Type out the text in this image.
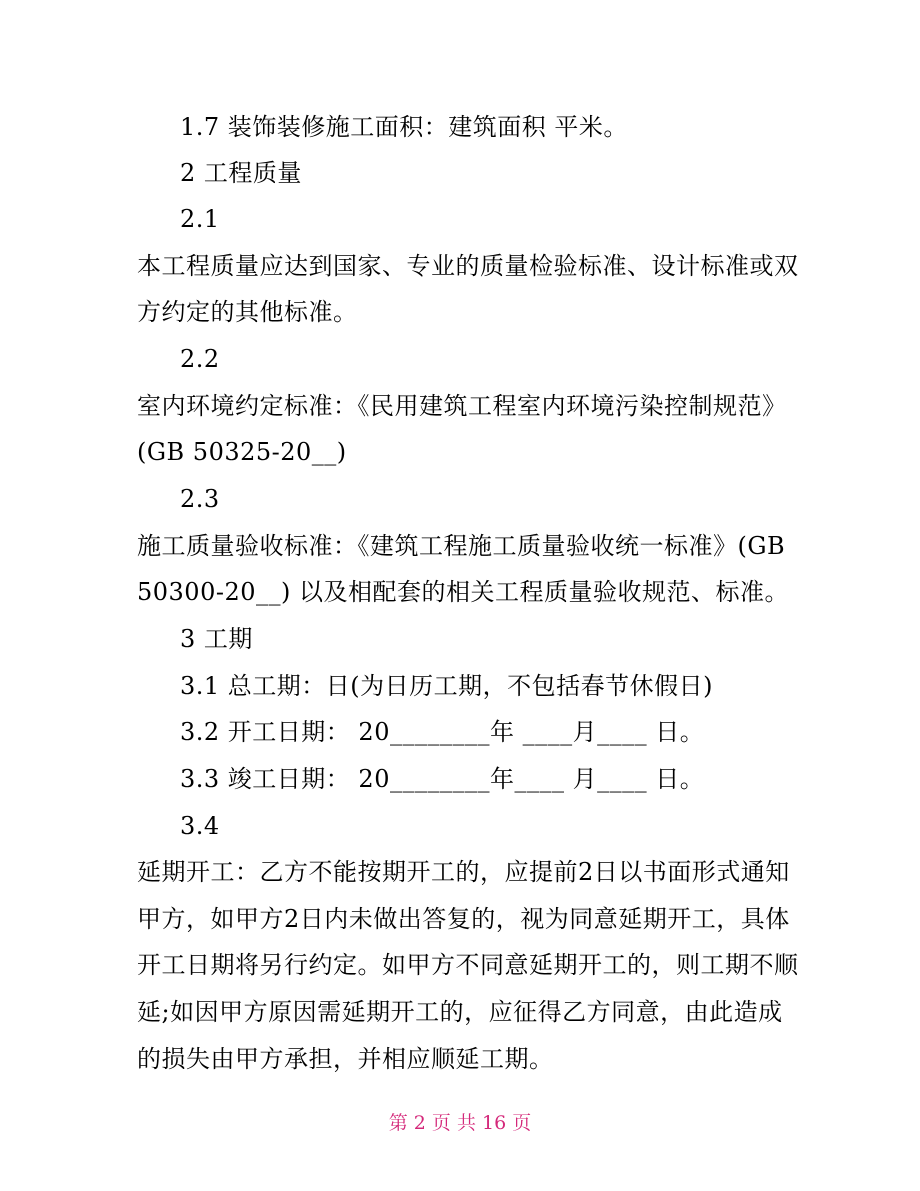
1.7 装饰装修施工面积：建筑面积 平米。
2 工程质量
2.1
本工程质量应达到国家、专业的质量检验标准、设计标准或双
方约定的其他标准。
2.2
室内环境约定标准：《民用建筑工程室内环境污染控制规范》
(GB 50325-20__)
2.3
施工质量验收标准：《建筑工程施工质量验收统一标准》(GB
50300-20__) 以及相配套的相关工程质量验收规范、标准。
3 工期
3.1 总工期：日(为日历工期，不包括春节休假日)
3.2 开工日期： 20________年 ____月____ 日。
3.3 竣工日期： 20________年____ 月____ 日。
3.4
延期开工：乙方不能按期开工的，应提前2日以书面形式通知
甲方，如甲方2日内未做出答复的，视为同意延期开工，具体
开工日期将另行约定。如甲方不同意延期开工的，则工期不顺
延;如因甲方原因需延期开工的，应征得乙方同意，由此造成
的损失由甲方承担，并相应顺延工期。
第 2 页 共 16 页
